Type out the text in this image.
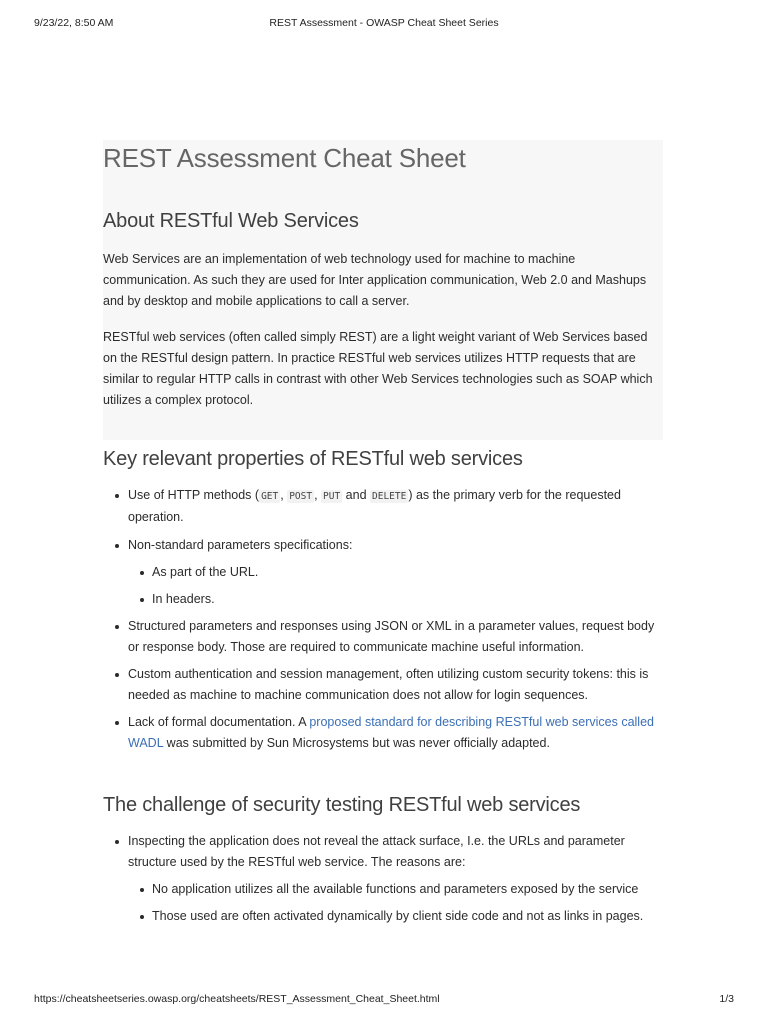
9/23/22, 8:50 AM	REST Assessment - OWASP Cheat Sheet Series
REST Assessment Cheat Sheet
About RESTful Web Services

Web Services are an implementation of web technology used for machine to machine communication. As such they are used for Inter application communication, Web 2.0 and Mashups and by desktop and mobile applications to call a server.

RESTful web services (often called simply REST) are a light weight variant of Web Services based on the RESTful design pattern. In practice RESTful web services utilizes HTTP requests that are similar to regular HTTP calls in contrast with other Web Services technologies such as SOAP which utilizes a complex protocol.

Key relevant properties of RESTful web services
Use of HTTP methods ( GET , POST , PUT and DELETE ) as the primary verb for the requested operation.
Non-standard parameters specifications:
As part of the URL.
In headers.
Structured parameters and responses using JSON or XML in a parameter values, request body or response body. Those are required to communicate machine useful information.
Custom authentication and session management, often utilizing custom security tokens: this is needed as machine to machine communication does not allow for login sequences.
Lack of formal documentation. A proposed standard for describing RESTful web services called WADL was submitted by Sun Microsystems but was never officially adapted.
The challenge of security testing RESTful web services
Inspecting the application does not reveal the attack surface, I.e. the URLs and parameter structure used by the RESTful web service. The reasons are:
No application utilizes all the available functions and parameters exposed by the service
Those used are often activated dynamically by client side code and not as links in pages.
https://cheatsheetseries.owasp.org/cheatsheets/REST_Assessment_Cheat_Sheet.html	1/3
